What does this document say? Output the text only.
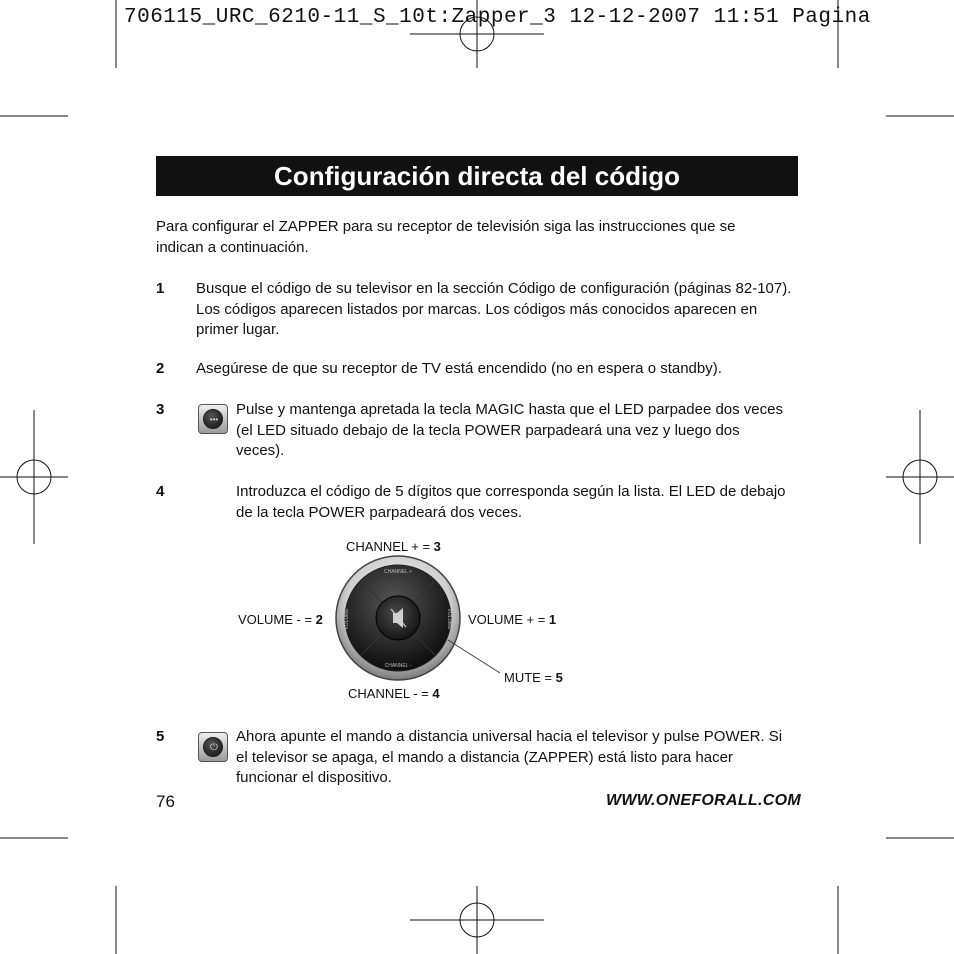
706115_URC_6210-11_S_10t:Zapper_3 12-12-2007 11:51 Pagina
Configuración directa del código
Para configurar el ZAPPER para su receptor de televisión siga las instrucciones que se indican a continuación.
1 Busque el código de su televisor en la sección Código de configuración (páginas 82-107). Los códigos aparecen listados por marcas. Los códigos más conocidos aparecen en primer lugar.
2 Asegúrese de que su receptor de TV está encendido (no en espera o standby).
3
•••
Pulse y mantenga apretada la tecla MAGIC hasta que el LED parpadee dos veces (el LED situado debajo de la tecla POWER parpadeará una vez y luego dos veces).
4	Introduzca el código de 5 dígitos que corresponda según la lista. El LED de debajo de la tecla POWER parpadeará dos veces.
CHANNEL + = 3
VOLUME - = 2	VOLUME + = 1
MUTE = 5
CHANNEL - = 4
CHANNEL +
CHANNEL -
VOLUME	VOLUME
5
⏻
Ahora apunte el mando a distancia universal hacia el televisor y pulse POWER. Si el televisor se apaga, el mando a distancia (ZAPPER) está listo para hacer funcionar el dispositivo.
76	WWW.ONEFORALL.COM
